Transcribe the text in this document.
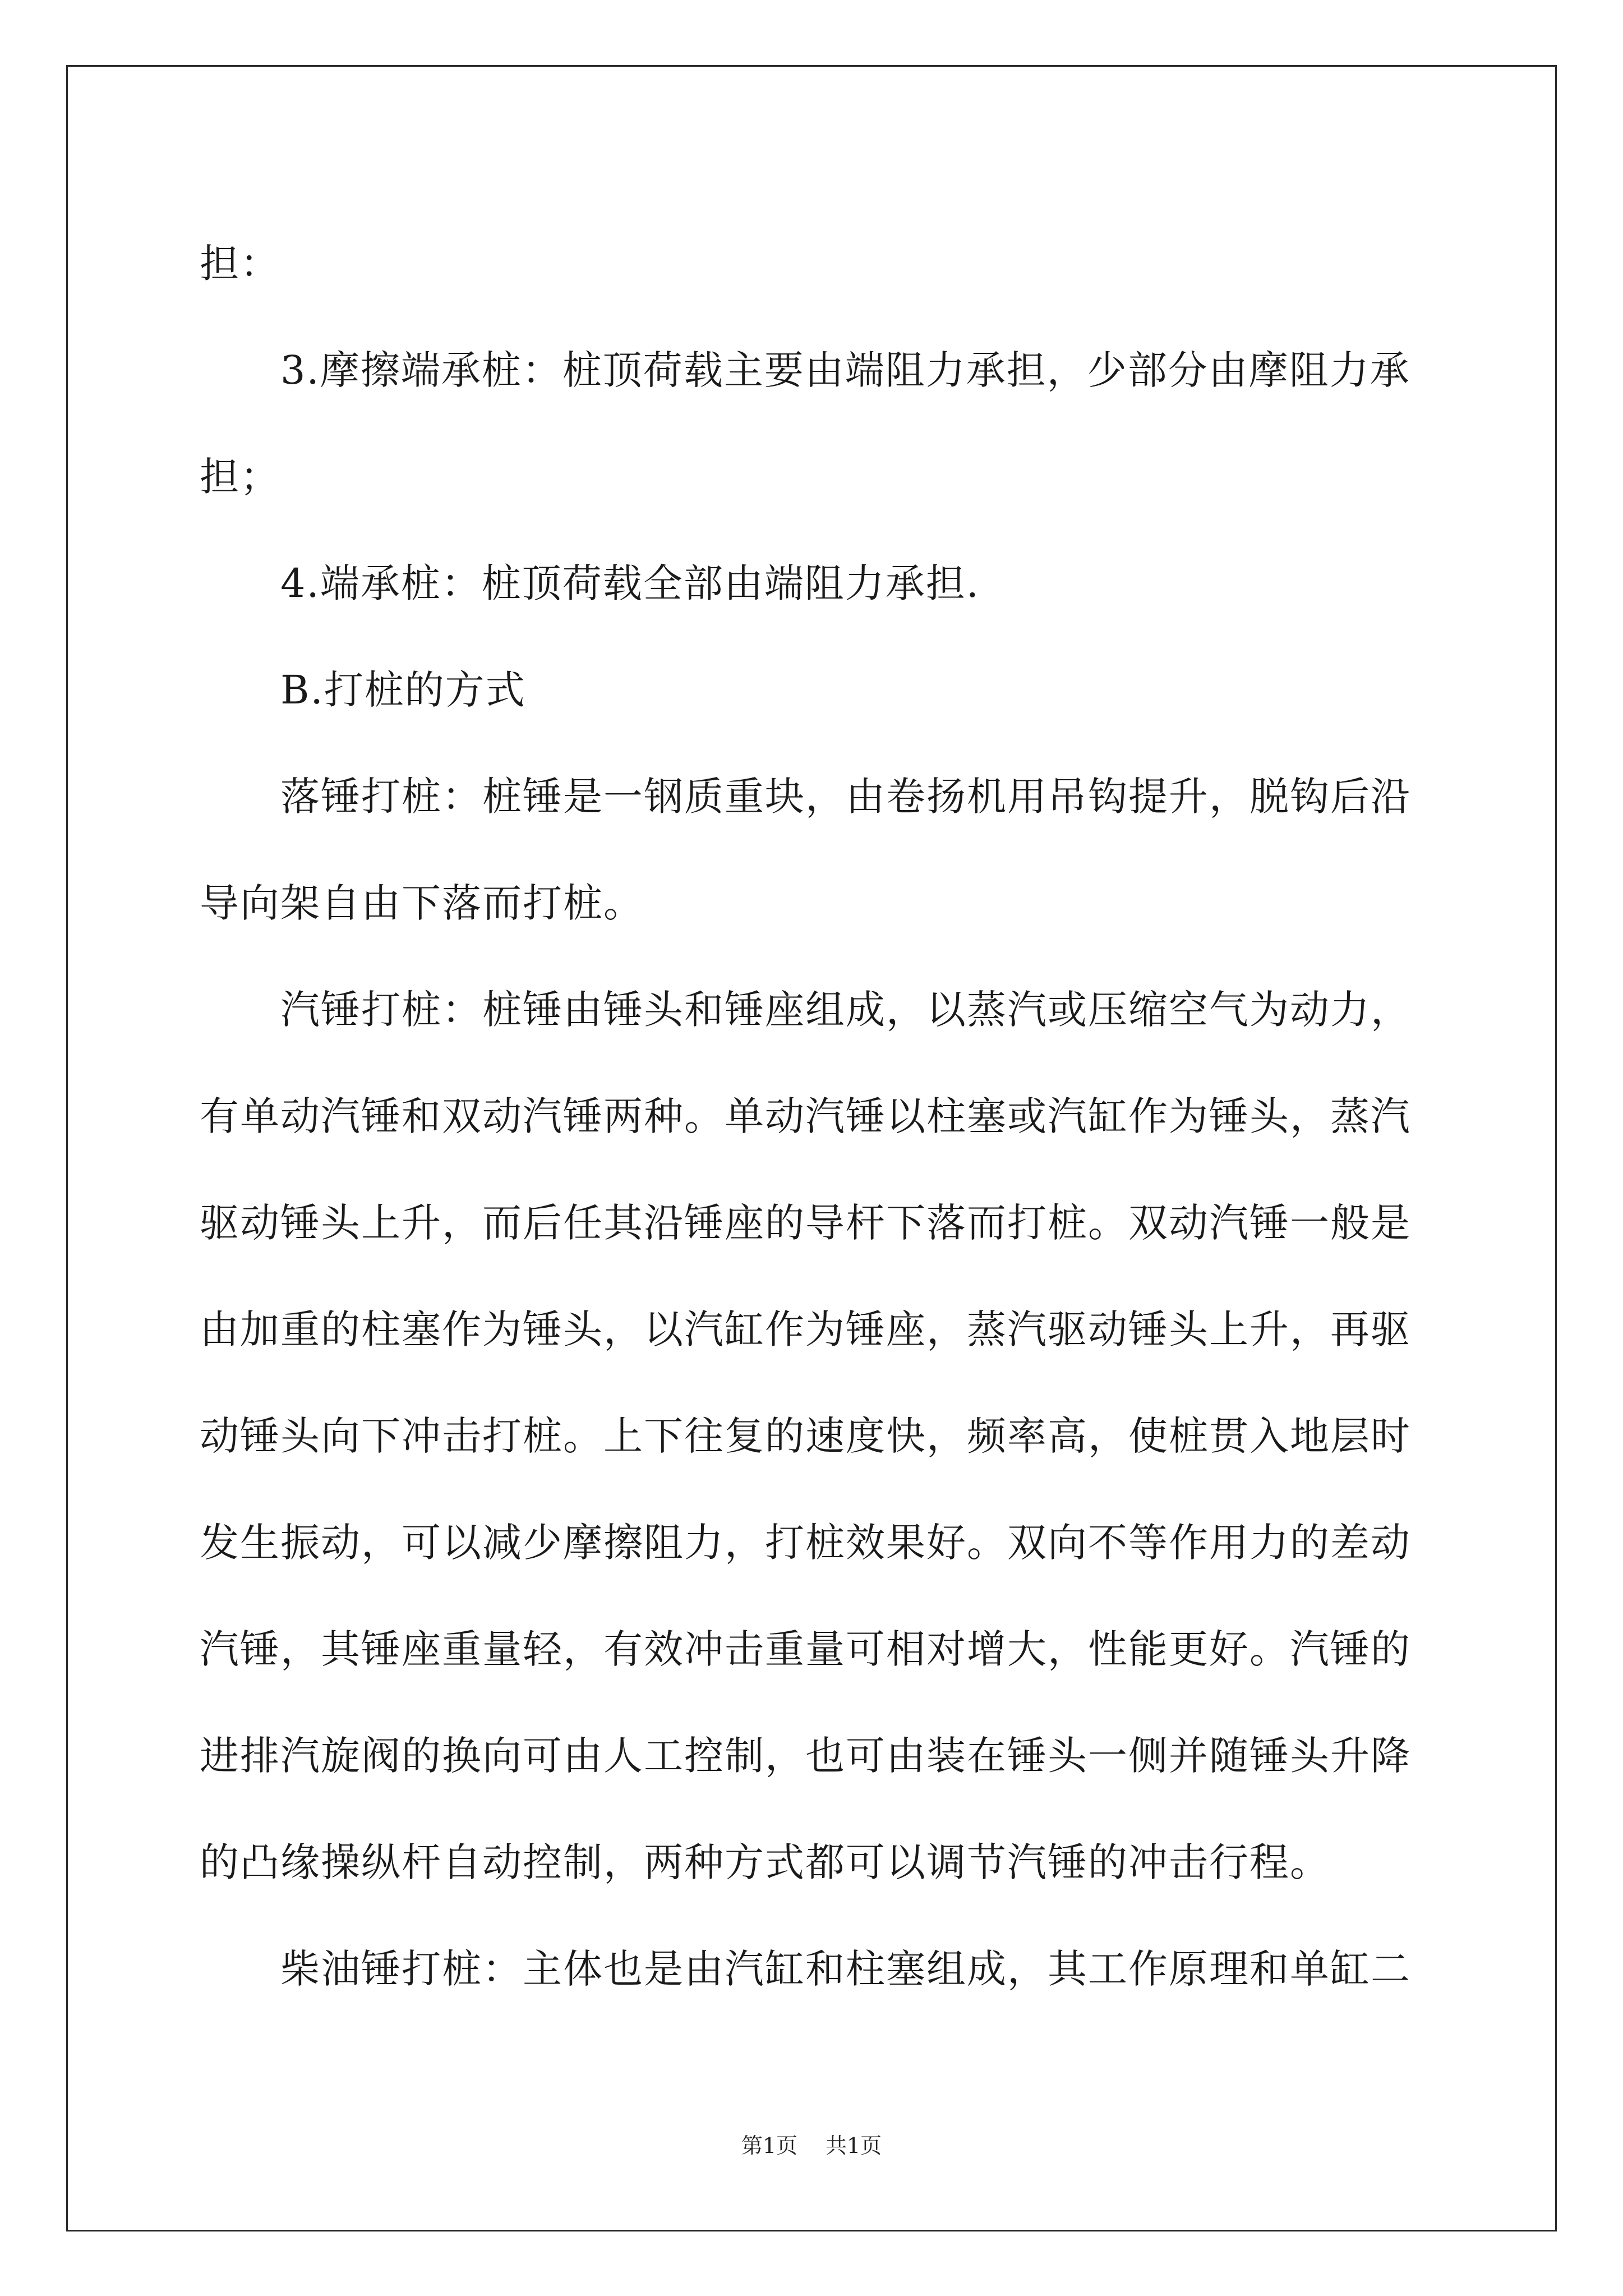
担：
　　3.摩擦端承桩：桩顶荷载主要由端阻力承担，少部分由摩阻力承
担；
　　4.端承桩：桩顶荷载全部由端阻力承担.
　　B.打桩的方式
　　落锤打桩：桩锤是一钢质重块，由卷扬机用吊钩提升，脱钩后沿
导向架自由下落而打桩。
　　汽锤打桩：桩锤由锤头和锤座组成，以蒸汽或压缩空气为动力，
有单动汽锤和双动汽锤两种。单动汽锤以柱塞或汽缸作为锤头，蒸汽
驱动锤头上升，而后任其沿锤座的导杆下落而打桩。双动汽锤一般是
由加重的柱塞作为锤头，以汽缸作为锤座，蒸汽驱动锤头上升，再驱
动锤头向下冲击打桩。上下往复的速度快，频率高，使桩贯入地层时
发生振动，可以减少摩擦阻力，打桩效果好。双向不等作用力的差动
汽锤，其锤座重量轻，有效冲击重量可相对增大，性能更好。汽锤的
进排汽旋阀的换向可由人工控制，也可由装在锤头一侧并随锤头升降
的凸缘操纵杆自动控制，两种方式都可以调节汽锤的冲击行程。
　　柴油锤打桩：主体也是由汽缸和柱塞组成，其工作原理和单缸二
第1页 共1页
